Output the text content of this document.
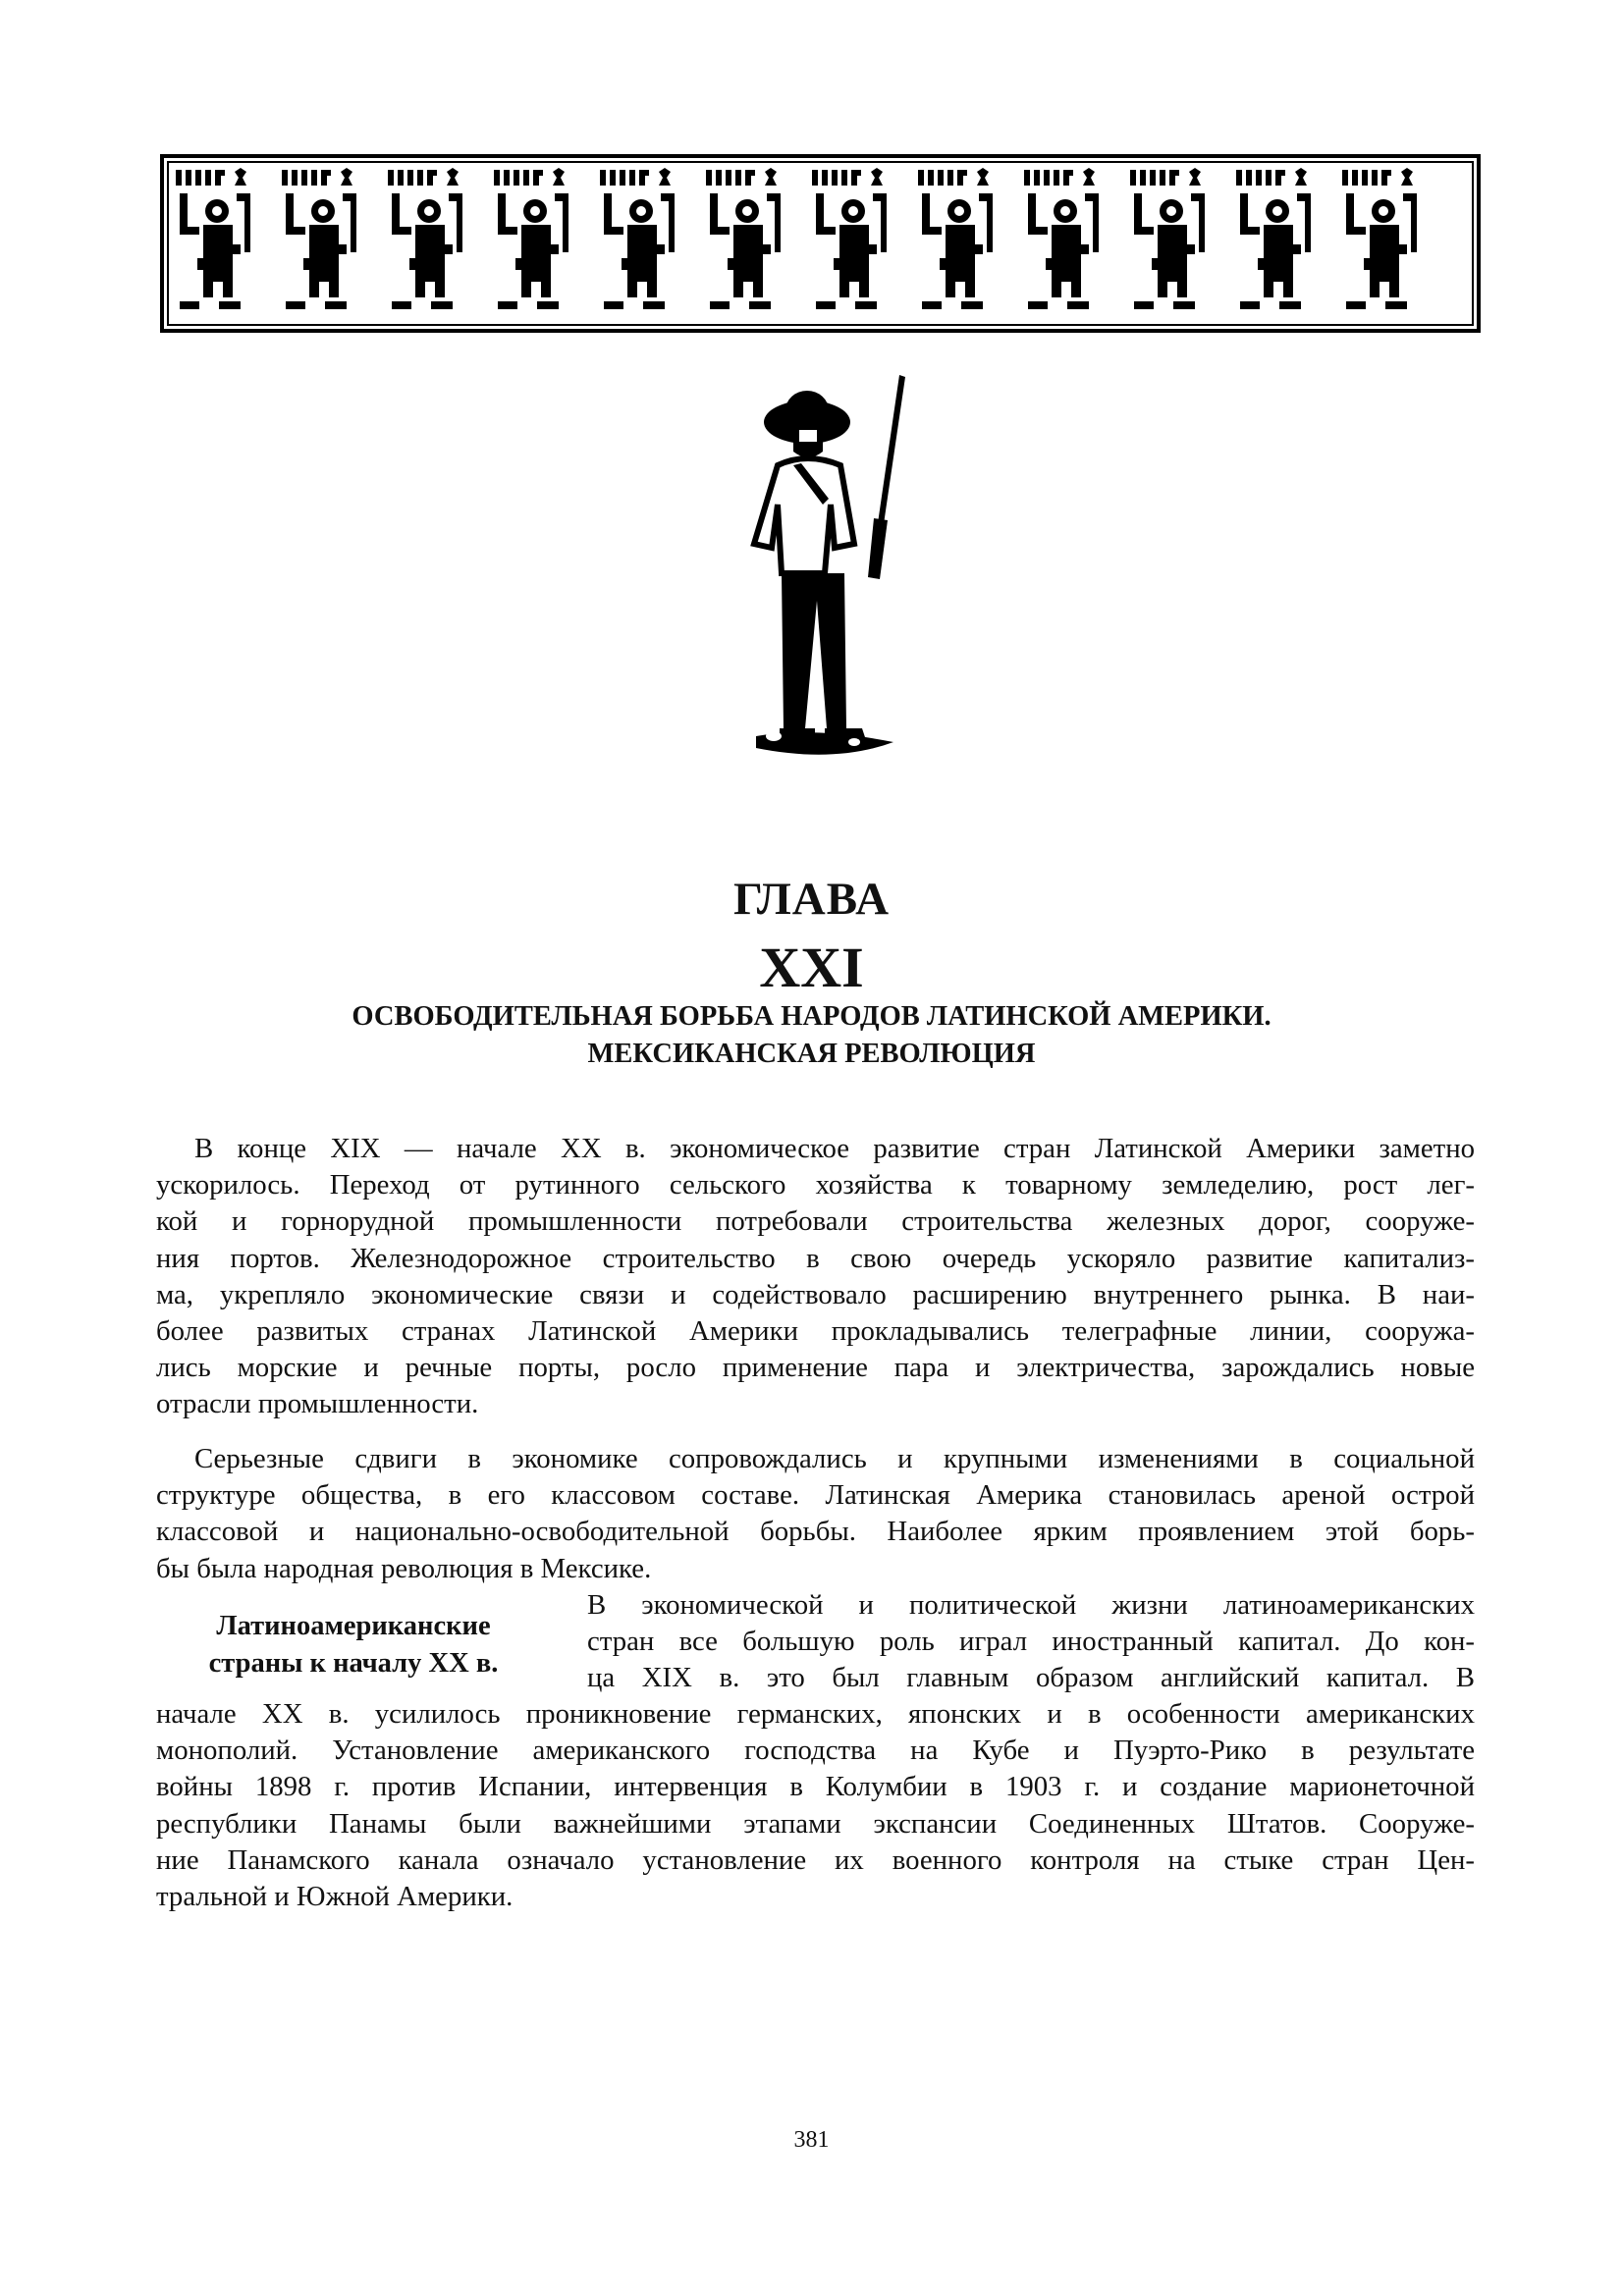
ГЛАВА
XXI
ОСВОБОДИТЕЛЬНАЯ БОРЬБА НАРОДОВ ЛАТИНСКОЙ АМЕРИКИ.
МЕКСИКАНСКАЯ РЕВОЛЮЦИЯ
В конце XIX — начале XX в. экономическое развитие стран Латинской Америки заметно
ускорилось. Переход от рутинного сельского хозяйства к товарному земледелию, рост лег-
кой и горнорудной промышленности потребовали строительства железных дорог, сооруже-
ния портов. Железнодорожное строительство в свою очередь ускоряло развитие капитализ-
ма, укрепляло экономические связи и содействовало расширению внутреннего рынка. В наи-
более развитых странах Латинской Америки прокладывались телеграфные линии, сооружа-
лись морские и речные порты, росло применение пара и электричества, зарождались новые
отрасли промышленности.
Серьезные сдвиги в экономике сопровождались и крупными изменениями в социальной
структуре общества, в его классовом составе. Латинская Америка становилась ареной острой
классовой и национально-освободительной борьбы. Наиболее ярким проявлением этой борь-
бы была народная революция в Мексике.
Латиноамериканские
страны к началу XX в.
В экономической и политической жизни латиноамериканских
стран все большую роль играл иностранный капитал. До кон-
ца XIX в. это был главным образом английский капитал. В
начале XX в. усилилось проникновение германских, японских и в особенности американских
монополий. Установление американского господства на Кубе и Пуэрто-Рико в результате
войны 1898 г. против Испании, интервенция в Колумбии в 1903 г. и создание марионеточной
республики Панамы были важнейшими этапами экспансии Соединенных Штатов. Сооруже-
ние Панамского канала означало установление их военного контроля на стыке стран Цен-
тральной и Южной Америки.
381
